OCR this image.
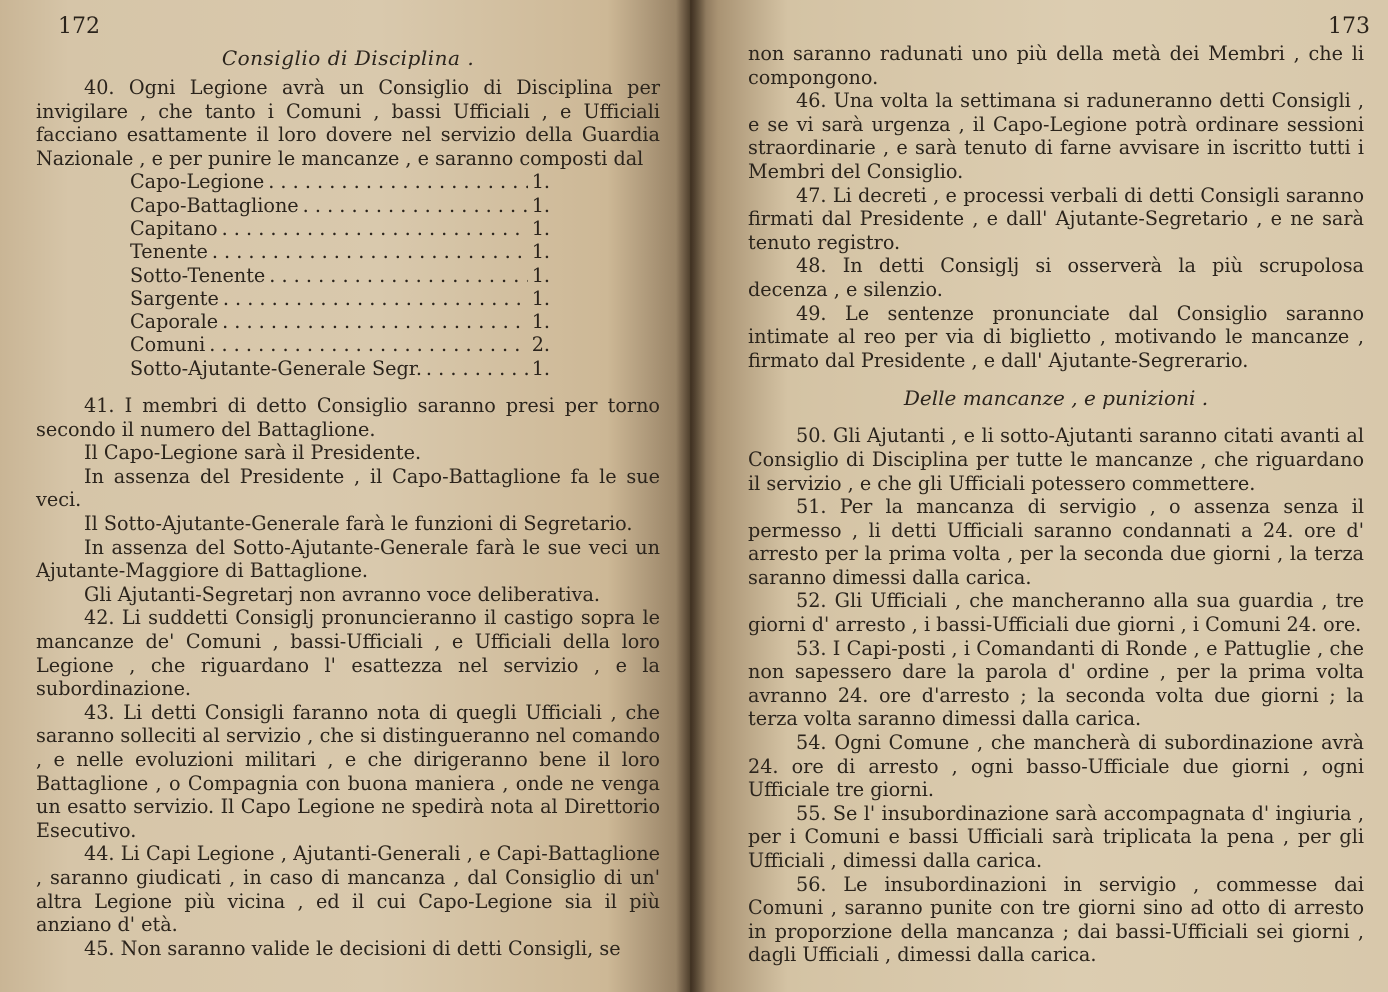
172
Consiglio di Disciplina .

40. Ogni Legione avrà un Consiglio di Disciplina per invigilare , che tanto i Comuni , bassi Ufficiali , e Ufficiali facciano esattamente il loro dovere nel servizio della Guardia Nazionale , e per punire le mancanze , e saranno composti dal

Capo-Legione . . .	1.
Capo-Battaglione . . .	1.
Capitano . . .	1.
Tenente . . .	1.
Sotto-Tenente . . .	1.
Sargente . . .	1.
Caporale . . .	1.
Comuni . . .	2.
Sotto-Ajutante-Generale Segr. . . .	1.

41. I membri di detto Consiglio saranno presi per torno secondo il numero del Battaglione.

Il Capo-Legione sarà il Presidente.

In assenza del Presidente , il Capo-Battaglione fa le sue veci.

Il Sotto-Ajutante-Generale farà le funzioni di Segretario.

In assenza del Sotto-Ajutante-Generale farà le sue veci un Ajutante-Maggiore di Battaglione.

Gli Ajutanti-Segretarj non avranno voce deliberativa.

42. Li suddetti Consiglj pronuncieranno il castigo sopra le mancanze de' Comuni , bassi-Ufficiali , e Ufficiali della loro Legione , che riguardano l' esattezza nel servizio , e la subordinazione.

43. Li detti Consigli faranno nota di quegli Ufficiali , che saranno solleciti al servizio , che si distingueranno nel comando , e nelle evoluzioni militari , e che dirigeranno bene il loro Battaglione , o Compagnia con buona maniera , onde ne venga un esatto servizio. Il Capo Legione ne spedirà nota al Direttorio Esecutivo.

44. Li Capi Legione , Ajutanti-Generali , e Capi-Battaglione , saranno giudicati , in caso di mancanza , dal Consiglio di un' altra Legione più vicina , ed il cui Capo-Legione sia il più anziano d' età.

45. Non saranno valide le decisioni di detti Consigli, se

173

non saranno radunati uno più della metà dei Membri , che li compongono.

46. Una volta la settimana si raduneranno detti Consigli , e se vi sarà urgenza , il Capo-Legione potrà ordinare sessioni straordinarie , e sarà tenuto di farne avvisare in iscritto tutti i Membri del Consiglio.

47. Li decreti , e processi verbali di detti Consigli saranno firmati dal Presidente , e dall' Ajutante-Segretario , e ne sarà tenuto registro.

48. In detti Consiglj si osserverà la più scrupolosa decenza , e silenzio.

49. Le sentenze pronunciate dal Consiglio saranno intimate al reo per via di biglietto , motivando le mancanze , firmato dal Presidente , e dall' Ajutante-Segrerario.

Delle mancanze , e punizioni .

50. Gli Ajutanti , e li sotto-Ajutanti saranno citati avanti al Consiglio di Disciplina per tutte le mancanze , che riguardano il servizio , e che gli Ufficiali potessero commettere.

51. Per la mancanza di servigio , o assenza senza il permesso , li detti Ufficiali saranno condannati a 24. ore d' arresto per la prima volta , per la seconda due giorni , la terza saranno dimessi dalla carica.

52. Gli Ufficiali , che mancheranno alla sua guardia , tre giorni d' arresto , i bassi-Ufficiali due giorni , i Comuni 24. ore.

53. I Capi-posti , i Comandanti di Ronde , e Pattuglie , che non sapessero dare la parola d' ordine , per la prima volta avranno 24. ore d'arresto ; la seconda volta due giorni ; la terza volta saranno dimessi dalla carica.

54. Ogni Comune , che mancherà di subordinazione avrà 24. ore di arresto , ogni basso-Ufficiale due giorni , ogni Ufficiale tre giorni.

55. Se l' insubordinazione sarà accompagnata d' ingiuria , per i Comuni e bassi Ufficiali sarà triplicata la pena , per gli Ufficiali , dimessi dalla carica.

56. Le insubordinazioni in servigio , commesse dai Comuni , saranno punite con tre giorni sino ad otto di arresto in proporzione della mancanza ; dai bassi-Ufficiali sei giorni , dagli Ufficiali , dimessi dalla carica.
